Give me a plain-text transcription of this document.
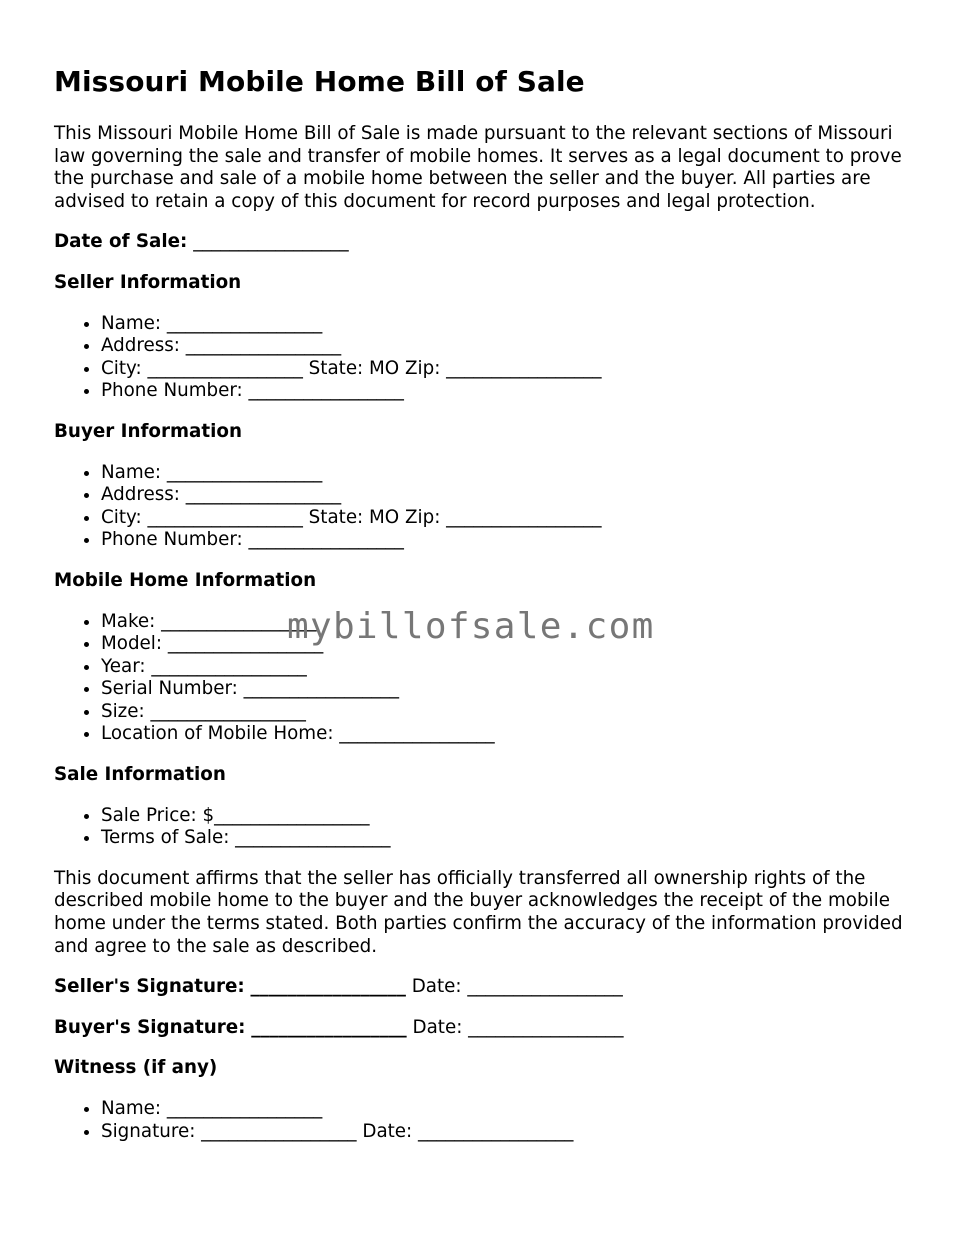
Missouri Mobile Home Bill of Sale

This Missouri Mobile Home Bill of Sale is made pursuant to the relevant sections of Missouri law governing the sale and transfer of mobile homes. It serves as a legal document to prove the purchase and sale of a mobile home between the seller and the buyer. All parties are advised to retain a copy of this document for record purposes and legal protection.

Date of Sale: _________________
Seller Information
• Name: _________________
• Address: _________________
• City: _________________ State: MO Zip: _________________
• Phone Number: _________________
Buyer Information
• Name: _________________
• Address: _________________
• City: _________________ State: MO Zip: _________________
• Phone Number: _________________
Mobile Home Information
• Make: _________________
• Model: _________________
• Year: _________________
• Serial Number: _________________
• Size: _________________
• Location of Mobile Home: _________________
Sale Information
• Sale Price: $_________________
• Terms of Sale: _________________

This document affirms that the seller has officially transferred all ownership rights of the described mobile home to the buyer and the buyer acknowledges the receipt of the mobile home under the terms stated. Both parties confirm the accuracy of the information provided and agree to the sale as described.

Seller's Signature: _________________ Date: _________________
Buyer's Signature: _________________ Date: _________________
Witness (if any)
• Name: _________________
• Signature: _________________ Date: _________________
mybillofsale.com
